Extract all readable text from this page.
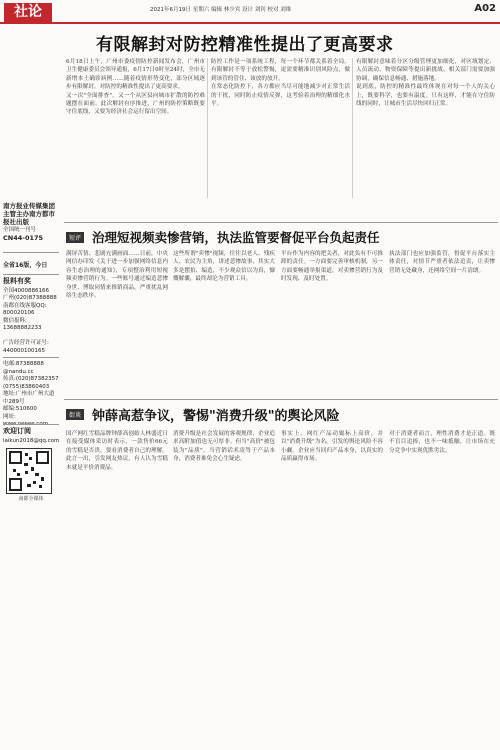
社论	2021年6月19日 星期六 编辑 林少宾 设计 刘钊 校对 刘维	A02
有限解封对防控精准性提出了更高要求

6月18日上午，广州市委疫情防控新闻发布会，广州市卫生健康委员会领导通报，6月17日0时至24时，全市无新增本土确诊病例……随着疫情形势变化，部分区域逐步有限解封，对防控的精准性提出了更高要求。

又一次"全面排查"。又一个从区县向城市扩散的防控难题摆在面前。此次解封有序推进，广州的防控策略既要守住底线，又要为经济社会运行留出空间。

防控工作是一项系统工程，每一个环节都关系着全局。有限解封不等于放松警惕，更需要精准识别风险点，做到该管的管住、该放的放开。

在常态化防控下，各方都应当尽可能地减少对正常生活的干扰，同时防止疫情反弹，这考验着治理的精细化水平。

有限解封意味着分区分级管理更加细化，对区域划定、人员流动、物资保障等提出新挑战。相关部门需要加强协调，确保信息畅通、措施落地。

说到底，防控的精准性最终体现在对每一个人的关心上，既要科学，也要有温度。只有这样，才能在守住防线的同时，让城市生活尽快回归正常。

短评 治理短视频卖惨营销，执法监管要督促平台负起责任
满屏苦情、悲剧充满画面……日前，中央网信办印发《关于进一步加强网络信息内容生态治理的通知》，专项整治利用短视频卖惨营销行为。一些账号通过编造悲惨身世、博取同情来推销商品，严重扰乱网络生态秩序。
这些所谓"卖惨"视频，往往以老人、残疾人、农民为主角，讲述悲惨故事，其实大多是摆拍、编造，不少观众信以为真，慷慨解囊，最终却沦为营销工具。
平台作为内容的把关者，对此负有不可推卸的责任。一方面要完善审核机制，另一方面要畅通举报渠道，对卖惨营销行为及时发现、及时处置。
执法部门也应加强监管，督促平台落实主体责任，对情节严重者依法追责，让卖惨营销无处藏身，还网络空间一片清朗。
街谈 钟薛高惹争议，警惕"消费升级"的舆论风险
国产网红雪糕品牌钟薛高创始人林盛近日在接受媒体采访时表示，一款售价66元的雪糕是否贵，要看消费者自己的理解。此言一出，引发网友热议，有人认为雪糕本就是平价消费品。
消费升级是社会发展的客观规律，企业追求高附加值也无可厚非。但当"高价"被包装为"品质"，当营销话术凌驾于产品本身，消费者难免会心生疑虑。
事实上，网红产品动辄标上高价，并以"消费升级"为名，引发的舆论风险不容小觑。企业应当回归产品本身，以真实的品质赢得市场。
对于消费者而言，理性消费才是正道。既不盲目追捧，也不一味抵触，让市场在充分竞争中实现优胜劣汰。
南方报业传媒集团主管主办南方都市报社出版
全国统一刊号
CN44-0175
全省16版，今日
报料有奖
全国4000886166
广州(020)87388888
南都在线客服QQ:
800020106
微信报料:
13688882233
广告经营许可证号:
440000100165
电邮:87388888
@nandu.cc
传真:(020)87382357
(0755)83860403
地址:广州市广州大道中289号
邮编:510600
网址:
www.oeeee.com
欢迎订阅
laikun2018@qq.com
南都全媒体
